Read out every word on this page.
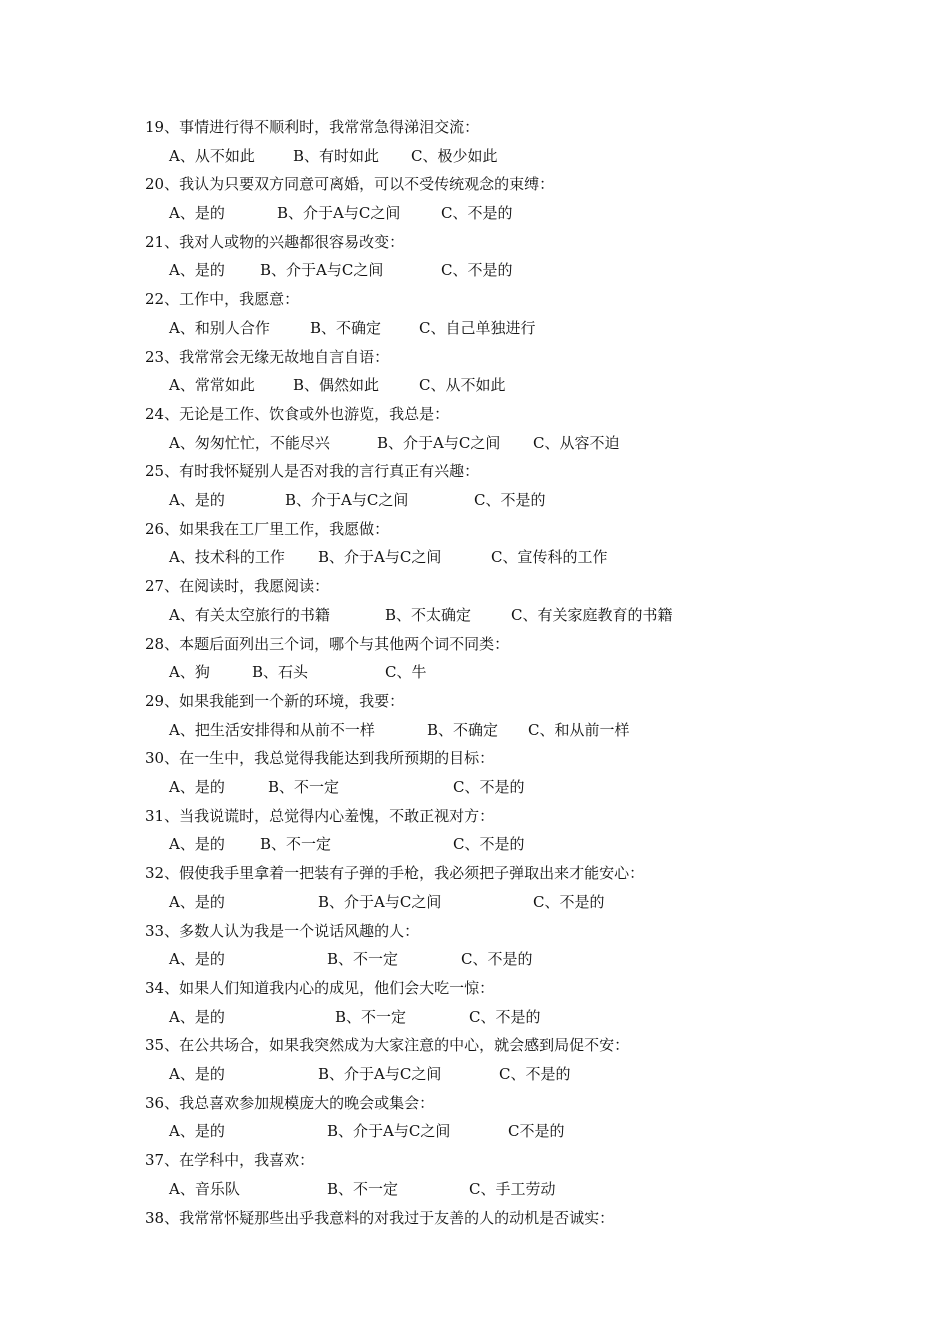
19、事情进行得不顺利时，我常常急得涕泪交流：
A、从不如此	B、有时如此 C、极少如此
20、我认为只要双方同意可离婚，可以不受传统观念的束缚：
A、是的	B、介于A与C之间	C、不是的
21、我对人或物的兴趣都很容易改变：
A、是的 B、介于A与C之间	C、不是的
22、工作中，我愿意：
A、和别人合作	B、不确定	C、自己单独进行
23、我常常会无缘无故地自言自语：
A、常常如此	B、偶然如此	C、从不如此
24、无论是工作、饮食或外也游览，我总是：
A、匆匆忙忙，不能尽兴	B、介于A与C之间 C、从容不迫
25、有时我怀疑别人是否对我的言行真正有兴趣：
A、是的	B、介于A与C之间	C、不是的
26、如果我在工厂里工作，我愿做：
A、技术科的工作 B、介于A与C之间	C、宣传科的工作
27、在阅读时，我愿阅读：
A、有关太空旅行的书籍	B、不太确定	C、有关家庭教育的书籍
28、本题后面列出三个词，哪个与其他两个词不同类：
A、狗	B、石头	C、牛
29、如果我能到一个新的环境，我要：
A、把生活安排得和从前不一样	B、不确定 C、和从前一样
30、在一生中，我总觉得我能达到我所预期的目标：
A、是的	B、不一定	C、不是的
31、当我说谎时，总觉得内心羞愧，不敢正视对方：
A、是的 B、不一定	C、不是的
32、假使我手里拿着一把装有子弹的手枪，我必须把子弹取出来才能安心：
A、是的	B、介于A与C之间	C、不是的
33、多数人认为我是一个说话风趣的人：
A、是的	B、不一定	C、不是的
34、如果人们知道我内心的成见，他们会大吃一惊：
A、是的	B、不一定	C、不是的
35、在公共场合，如果我突然成为大家注意的中心，就会感到局促不安：
A、是的	B、介于A与C之间	C、不是的
36、我总喜欢参加规模庞大的晚会或集会：
A、是的	B、介于A与C之间	C不是的
37、在学科中，我喜欢：
A、音乐队	B、不一定	C、手工劳动
38、我常常怀疑那些出乎我意料的对我过于友善的人的动机是否诚实：
